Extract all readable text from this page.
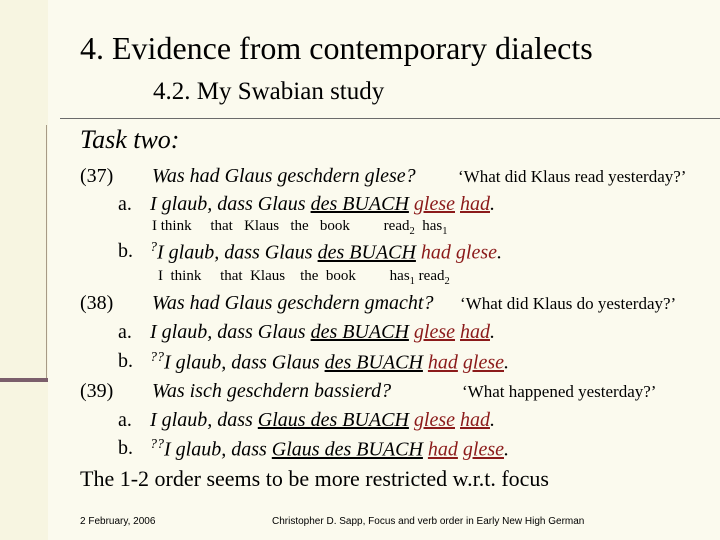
4. Evidence from contemporary dialects
4.2. My Swabian study
Task two:
(37) Was had Glaus geschdern glese? ‘What did Klaus read yesterday?’
a. I glaub, dass Glaus des BUACH glese had.
I think that Klaus the book read$_2$ has$_1$
b. ?I glaub, dass Glaus des BUACH had glese.
I think that Klaus the book has$_1$ read$_2$
(38) Was had Glaus geschdern gmacht? ‘What did Klaus do yesterday?’
a. I glaub, dass Glaus des BUACH glese had.
b. ??I glaub, dass Glaus des BUACH had glese.
(39) Was isch geschdern bassierd?	‘What happened yesterday?’
a. I glaub, dass Glaus des BUACH glese had.
b. ??I glaub, dass Glaus des BUACH had glese.
The 1-2 order seems to be more restricted w.r.t. focus
2 February, 2006	Christopher D. Sapp, Focus and verb order in Early New High German
